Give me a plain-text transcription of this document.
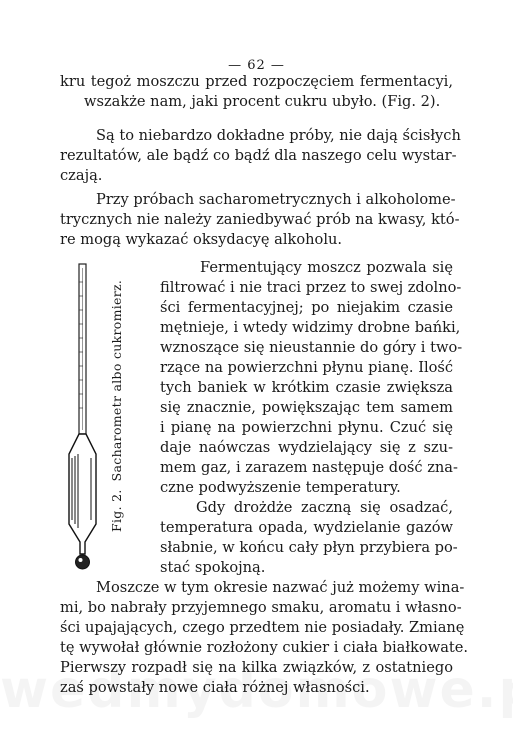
— 62 —
kru tegoż moszczu przed rozpoczęciem fermentacyi,
wszakże nam, jaki procent cukru ubyło. (Fig. 2).
Są to niebardzo dokładne próby, nie dają ścisłych
rezultatów, ale bądź co bądź dla naszego celu wystar-
czają.
Przy próbach sacharometrycznych i alkoholome-
trycznych nie należy zaniedbywać prób na kwasy, któ-
re mogą wykazać oksydacyę alkoholu.
Fermentujący moszcz pozwala się
filtrować i nie traci przez to swej zdolno-
ści fermentacyjnej; po niejakim czasie
mętnieje, i wtedy widzimy drobne bańki,
wznoszące się nieustannie do góry i two-
rzące na powierzchni płynu pianę. Ilość
tych baniek w krótkim czasie zwiększa
się znacznie, powiększając tem samem
i pianę na powierzchni płynu. Czuć się
daje naówczas wydzielający się z szu-
mem gaz, i zarazem następuje dość zna-
czne podwyższenie temperatury.
Gdy drożdże zaczną się osadzać,
temperatura opada, wydzielanie gazów
słabnie, w końcu cały płyn przybiera po-
stać spokojną.
Moszcze w tym okresie nazwać już możemy wina-
mi, bo nabrały przyjemnego smaku, aromatu i własno-
ści upajających, czego przedtem nie posiadały. Zmianę
tę wywołał głównie rozłożony cukier i ciała białkowate.
Pierwszy rozpadł się na kilka związków, z ostatniego
zaś powstały nowe ciała różnej własności.
Fig. 2.Sacharometr albo cukromierz.
